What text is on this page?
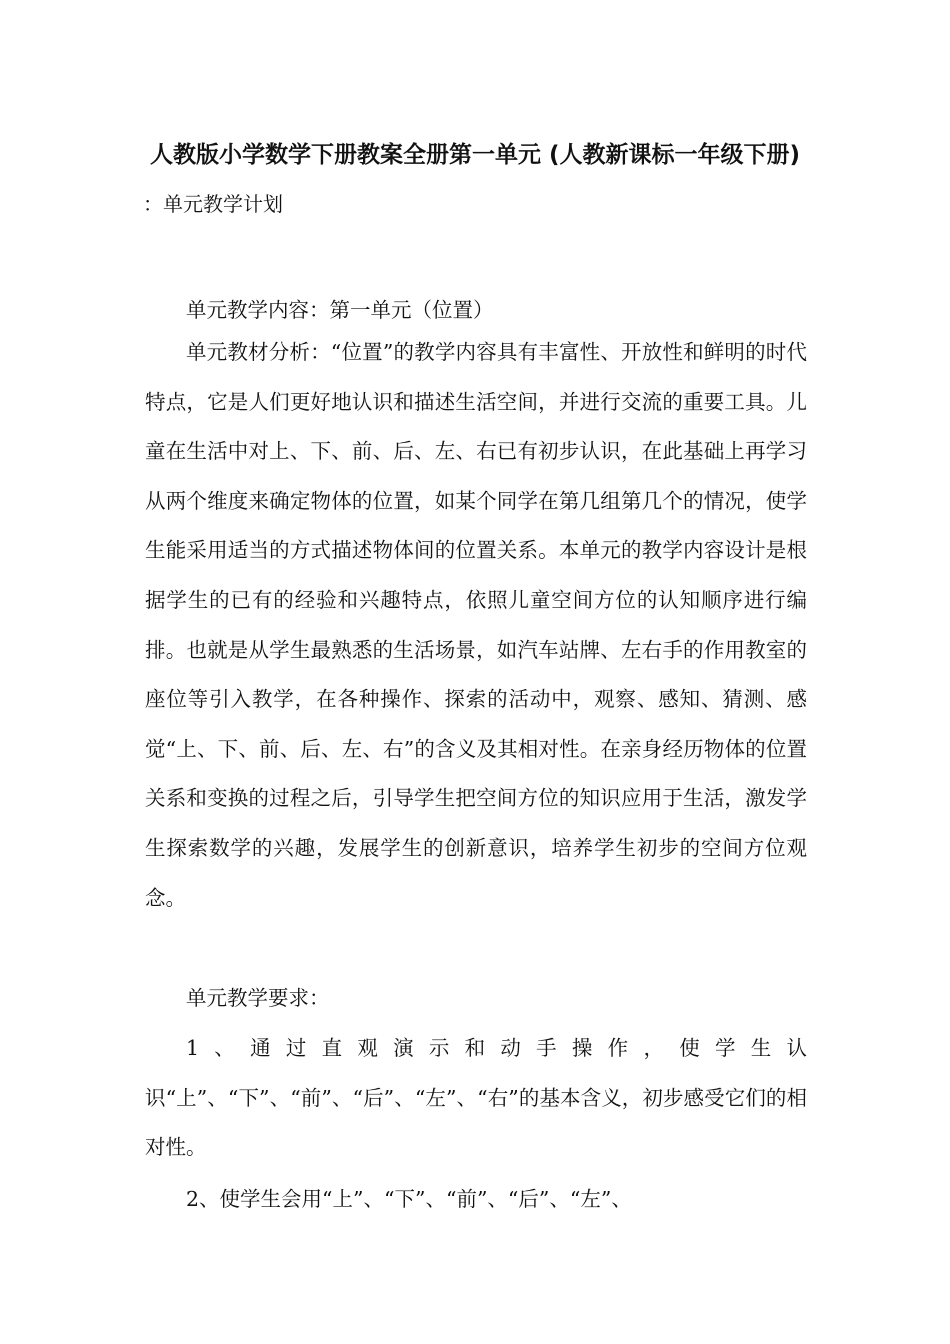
人教版小学数学下册教案全册第一单元 (人教新课标一年级下册)
：单元教学计划

单元教学内容：第一单元（位置）

单元教材分析：“位置”的教学内容具有丰富性、开放性和鲜明的时代特点，它是人们更好地认识和描述生活空间，并进行交流的重要工具。儿童在生活中对上、下、前、后、左、右已有初步认识，在此基础上再学习从两个维度来确定物体的位置，如某个同学在第几组第几个的情况，使学生能采用适当的方式描述物体间的位置关系。本单元的教学内容设计是根据学生的已有的经验和兴趣特点，依照儿童空间方位的认知顺序进行编排。也就是从学生最熟悉的生活场景，如汽车站牌、左右手的作用教室的座位等引入教学，在各种操作、探索的活动中，观察、感知、猜测、感觉“上、下、前、后、左、右”的含义及其相对性。在亲身经历物体的位置关系和变换的过程之后，引导学生把空间方位的知识应用于生活，激发学生探索数学的兴趣，发展学生的创新意识，培养学生初步的空间方位观念。

单元教学要求：

1、通过直观演示和动手操作，使学生认识“上”、“下”、“前”、“后”、“左”、“右”的基本含义，初步感受它们的相对性。

2、使学生会用“上”、“下”、“前”、“后”、“左”、
